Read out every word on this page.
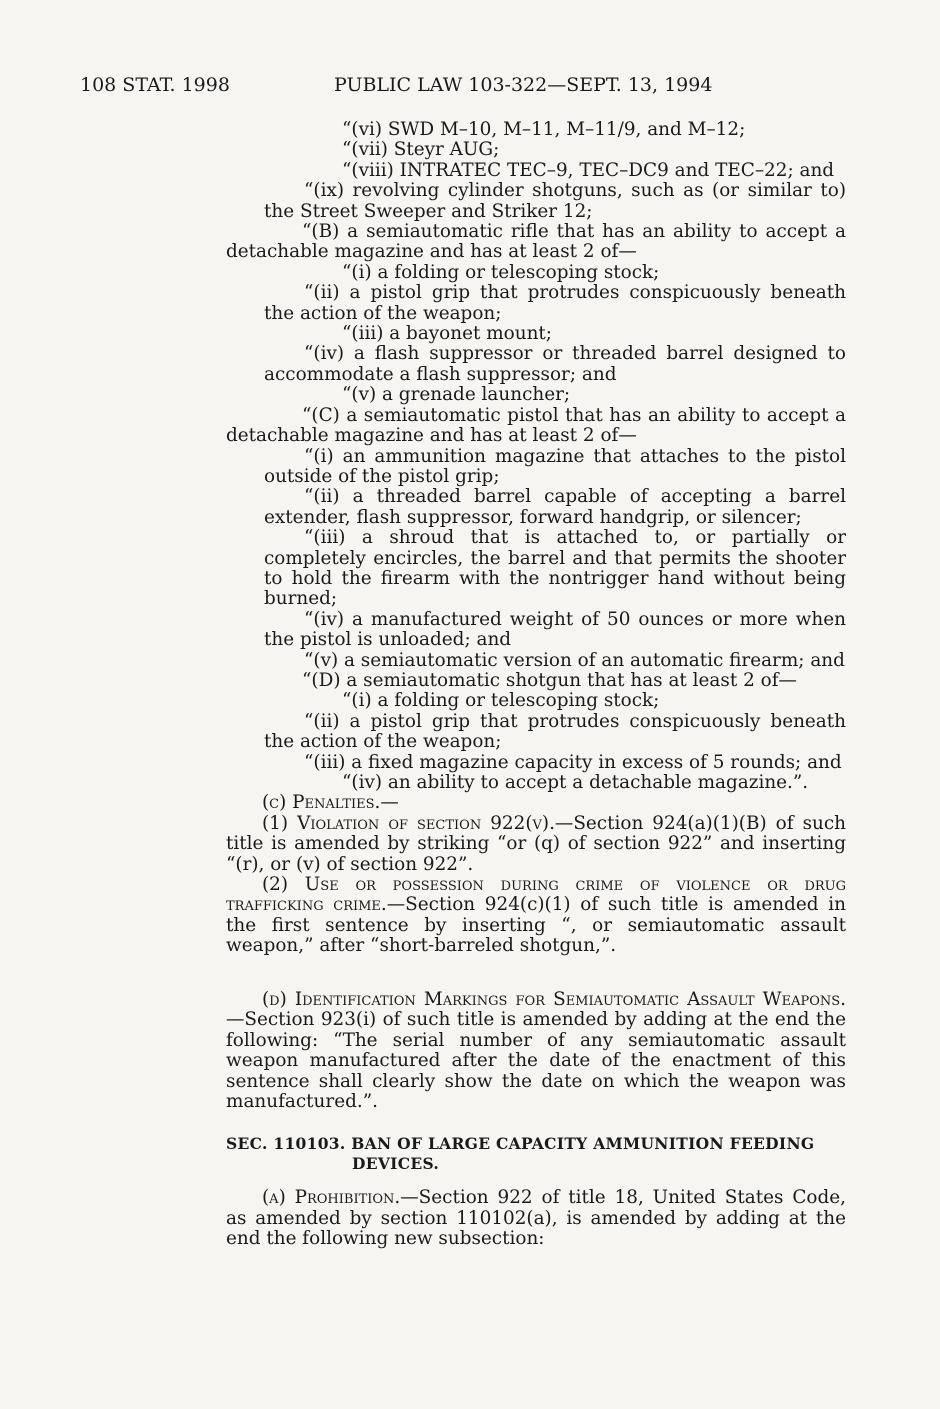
108 STAT. 1998	PUBLIC LAW 103-322—SEPT. 13, 1994

“(vi) SWD M–10, M–11, M–11/9, and M–12;

“(vii) Steyr AUG;

“(viii) INTRATEC TEC–9, TEC–DC9 and TEC–22; and

“(ix) revolving cylinder shotguns, such as (or similar to) the Street Sweeper and Striker 12;

“(B) a semiautomatic rifle that has an ability to accept a detachable magazine and has at least 2 of—

“(i) a folding or telescoping stock;

“(ii) a pistol grip that protrudes conspicuously beneath the action of the weapon;

“(iii) a bayonet mount;

“(iv) a flash suppressor or threaded barrel designed to accommodate a flash suppressor; and

“(v) a grenade launcher;

“(C) a semiautomatic pistol that has an ability to accept a detachable magazine and has at least 2 of—

“(i) an ammunition magazine that attaches to the pistol outside of the pistol grip;

“(ii) a threaded barrel capable of accepting a barrel extender, flash suppressor, forward handgrip, or silencer;

“(iii) a shroud that is attached to, or partially or completely encircles, the barrel and that permits the shooter to hold the firearm with the nontrigger hand without being burned;

“(iv) a manufactured weight of 50 ounces or more when the pistol is unloaded; and

“(v) a semiautomatic version of an automatic firearm; and

“(D) a semiautomatic shotgun that has at least 2 of—

“(i) a folding or telescoping stock;

“(ii) a pistol grip that protrudes conspicuously beneath the action of the weapon;

“(iii) a fixed magazine capacity in excess of 5 rounds; and

“(iv) an ability to accept a detachable magazine.”.

(c) Penalties.—

(1) Violation of section 922(v).—Section 924(a)(1)(B) of such title is amended by striking “or (q) of section 922” and inserting “(r), or (v) of section 922”.

(2) Use or possession during crime of violence or drug trafficking crime.—Section 924(c)(1) of such title is amended in the first sentence by inserting “, or semiautomatic assault weapon,” after “short-barreled shotgun,”.

(d) Identification Markings for Semiautomatic Assault Weapons.—Section 923(i) of such title is amended by adding at the end the following: “The serial number of any semiautomatic assault weapon manufactured after the date of the enactment of this sentence shall clearly show the date on which the weapon was manufactured.”.

SEC. 110103. BAN OF LARGE CAPACITY AMMUNITION FEEDING
DEVICES.

(a) Prohibition.—Section 922 of title 18, United States Code, as amended by section 110102(a), is amended by adding at the end the following new subsection:
